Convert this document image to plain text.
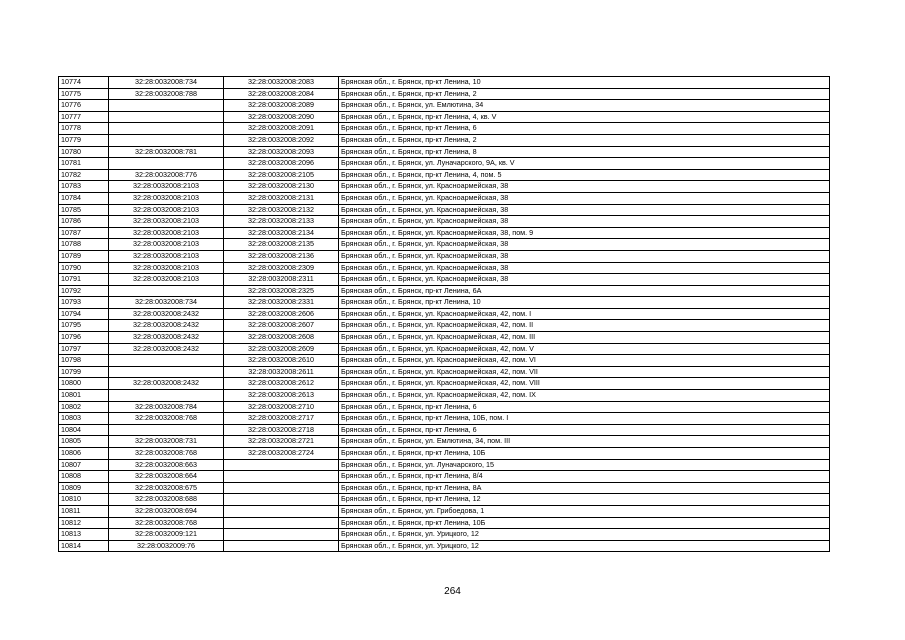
10774	32:28:0032008:734	32:28:0032008:2083	Брянская обл., г. Брянск, пр-кт Ленина, 10
10775	32:28:0032008:788	32:28:0032008:2084	Брянская обл., г. Брянск, пр-кт Ленина, 2
10776		32:28:0032008:2089	Брянская обл., г. Брянск, ул. Емлютина, 34
10777		32:28:0032008:2090	Брянская обл., г. Брянск, пр-кт Ленина, 4, кв. V
10778		32:28:0032008:2091	Брянская обл., г. Брянск, пр-кт Ленина, 6
10779		32:28:0032008:2092	Брянская обл., г. Брянск, пр-кт Ленина, 2
10780	32:28:0032008:781	32:28:0032008:2093	Брянская обл., г. Брянск, пр-кт Ленина, 8
10781		32:28:0032008:2096	Брянская обл., г. Брянск, ул. Луначарского, 9А, кв. V
10782	32:28:0032008:776	32:28:0032008:2105	Брянская обл., г. Брянск, пр-кт Ленина, 4, пом. 5
10783	32:28:0032008:2103	32:28:0032008:2130	Брянская обл., г. Брянск, ул. Красноармейская, 38
10784	32:28:0032008:2103	32:28:0032008:2131	Брянская обл., г. Брянск, ул. Красноармейская, 38
10785	32:28:0032008:2103	32:28:0032008:2132	Брянская обл., г. Брянск, ул. Красноармейская, 38
10786	32:28:0032008:2103	32:28:0032008:2133	Брянская обл., г. Брянск, ул. Красноармейская, 38
10787	32:28:0032008:2103	32:28:0032008:2134	Брянская обл., г. Брянск, ул. Красноармейская, 38, пом. 9
10788	32:28:0032008:2103	32:28:0032008:2135	Брянская обл., г. Брянск, ул. Красноармейская, 38
10789	32:28:0032008:2103	32:28:0032008:2136	Брянская обл., г. Брянск, ул. Красноармейская, 38
10790	32:28:0032008:2103	32:28:0032008:2309	Брянская обл., г. Брянск, ул. Красноармейская, 38
10791	32:28:0032008:2103	32:28:0032008:2311	Брянская обл., г. Брянск, ул. Красноармейская, 38
10792		32:28:0032008:2325	Брянская обл., г. Брянск, пр-кт Ленина, 6А
10793	32:28:0032008:734	32:28:0032008:2331	Брянская обл., г. Брянск, пр-кт Ленина, 10
10794	32:28:0032008:2432	32:28:0032008:2606	Брянская обл., г. Брянск, ул. Красноармейская, 42, пом. I
10795	32:28:0032008:2432	32:28:0032008:2607	Брянская обл., г. Брянск, ул. Красноармейская, 42, пом. II
10796	32:28:0032008:2432	32:28:0032008:2608	Брянская обл., г. Брянск, ул. Красноармейская, 42, пом. III
10797	32:28:0032008:2432	32:28:0032008:2609	Брянская обл., г. Брянск, ул. Красноармейская, 42, пом. V
10798		32:28:0032008:2610	Брянская обл., г. Брянск, ул. Красноармейская, 42, пом. VI
10799		32:28:0032008:2611	Брянская обл., г. Брянск, ул. Красноармейская, 42, пом. VII
10800	32:28:0032008:2432	32:28:0032008:2612	Брянская обл., г. Брянск, ул. Красноармейская, 42, пом. VIII
10801		32:28:0032008:2613	Брянская обл., г. Брянск, ул. Красноармейская, 42, пом. IX
10802	32:28:0032008:784	32:28:0032008:2710	Брянская обл., г. Брянск, пр-кт Ленина, 6
10803	32:28:0032008:768	32:28:0032008:2717	Брянская обл., г. Брянск, пр-кт Ленина, 10Б, пом. I
10804		32:28:0032008:2718	Брянская обл., г. Брянск, пр-кт Ленина, 6
10805	32:28:0032008:731	32:28:0032008:2721	Брянская обл., г. Брянск, ул. Емлютина, 34, пом. III
10806	32:28:0032008:768	32:28:0032008:2724	Брянская обл., г. Брянск, пр-кт Ленина, 10Б
10807	32:28:0032008:663		Брянская обл., г. Брянск, ул. Луначарского, 15
10808	32:28:0032008:664		Брянская обл., г. Брянск, пр-кт Ленина, 8/4
10809	32:28:0032008:675		Брянская обл., г. Брянск, пр-кт Ленина, 8А
10810	32:28:0032008:688		Брянская обл., г. Брянск, пр-кт Ленина, 12
10811	32:28:0032008:694		Брянская обл., г. Брянск, ул. Грибоедова, 1
10812	32:28:0032008:768		Брянская обл., г. Брянск, пр-кт Ленина, 10Б
10813	32:28:0032009:121		Брянская обл., г. Брянск, ул. Урицкого, 12
10814	32:28:0032009:76		Брянская обл., г. Брянск, ул. Урицкого, 12
264
